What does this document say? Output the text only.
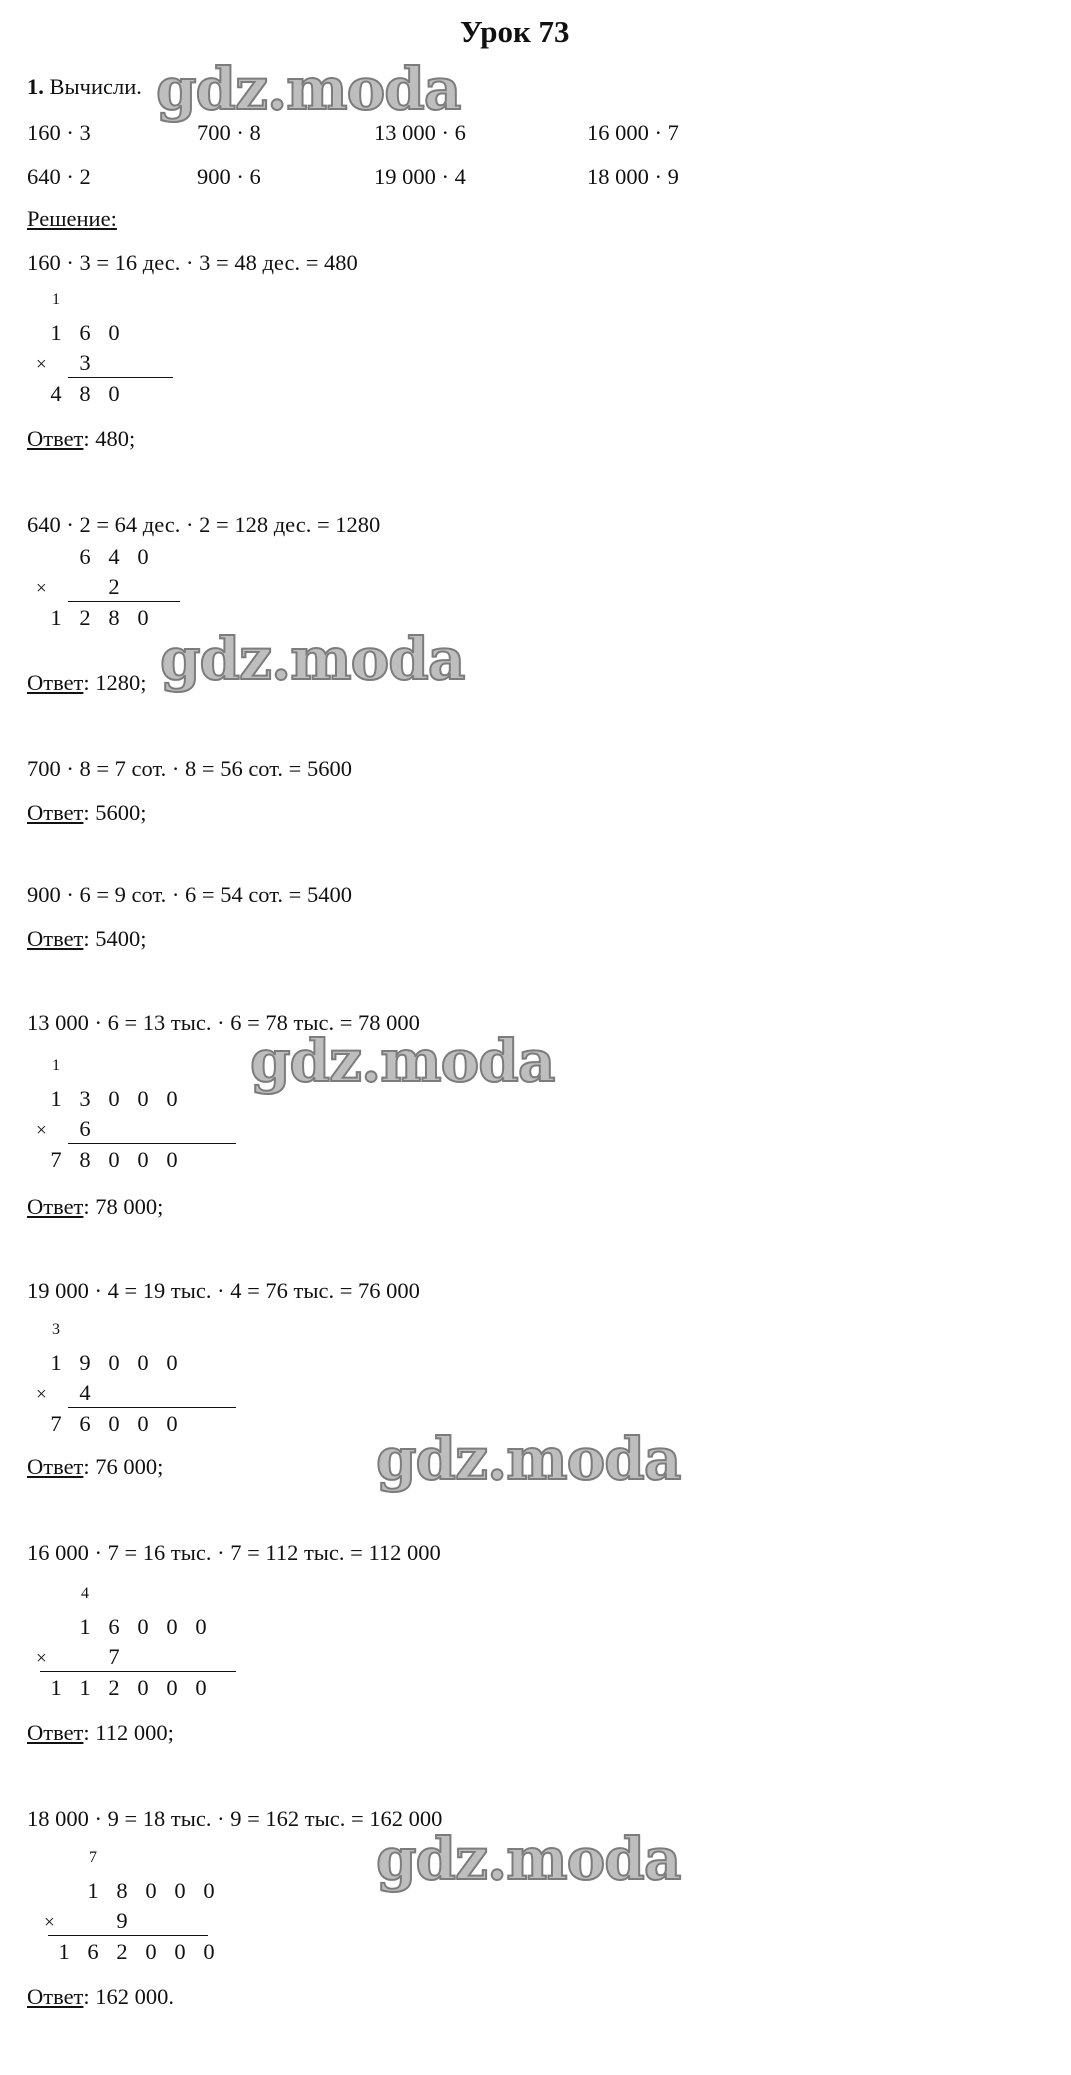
Урок 73
1. Вычисли.
160 · 3	700 · 8	13 000 · 6	16 000 · 7
640 · 2	900 · 6	19 000 · 4	18 000 · 9
Решение:
160 · 3 = 16 дес. · 3 = 48 дес. = 480
1
1 6 0
3
×
4 8 0
Ответ: 480;
640 · 2 = 64 дес. · 2 = 128 дес. = 1280
6 4 0
2
×
1 2 8 0
Ответ: 1280;
700 · 8 = 7 сот. · 8 = 56 сот. = 5600
Ответ: 5600;
900 · 6 = 9 сот. · 6 = 54 сот. = 5400
Ответ: 5400;
13 000 · 6 = 13 тыс. · 6 = 78 тыс. = 78 000
1
1 3 0 0 0
6
×
7 8 0 0 0
Ответ: 78 000;
19 000 · 4 = 19 тыс. · 4 = 76 тыс. = 76 000
3
1 9 0 0 0
4
×
7 6 0 0 0
Ответ: 76 000;
16 000 · 7 = 16 тыс. · 7 = 112 тыс. = 112 000
4
1 6 0 0 0
7
×
1 1 2 0 0 0
Ответ: 112 000;
18 000 · 9 = 18 тыс. · 9 = 162 тыс. = 162 000
7
1 8 0 0 0
9
×
1 6 2 0 0 0
Ответ: 162 000.
gdz.moda
gdz.moda
gdz.moda
gdz.moda
gdz.moda
